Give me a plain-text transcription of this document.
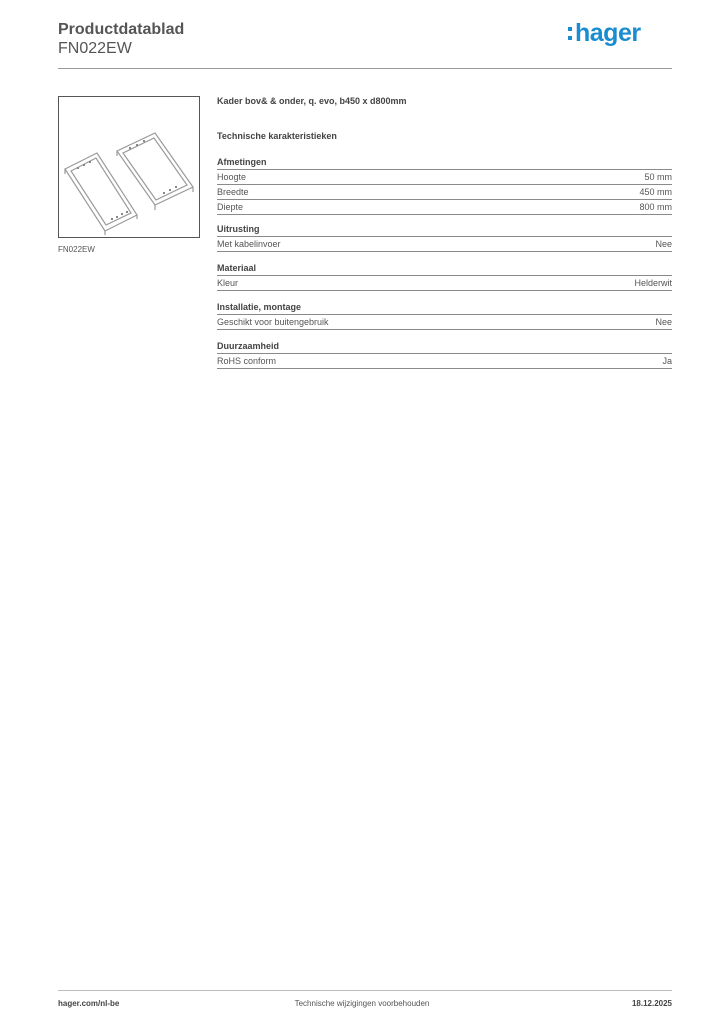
Productdatablad
FN022EW
hager
FN022EW
Kader bov& & onder, q. evo, b450 x d800mm
Technische karakteristieken
Afmetingen
Hoogte	50 mm
Breedte	450 mm
Diepte	800 mm
Uitrusting
Met kabelinvoer	Nee
Materiaal
Kleur	Helderwit
Installatie, montage
Geschikt voor buitengebruik	Nee
Duurzaamheid
RoHS conform	Ja
hager.com/nl-be	Technische wijzigingen voorbehouden	18.12.2025
